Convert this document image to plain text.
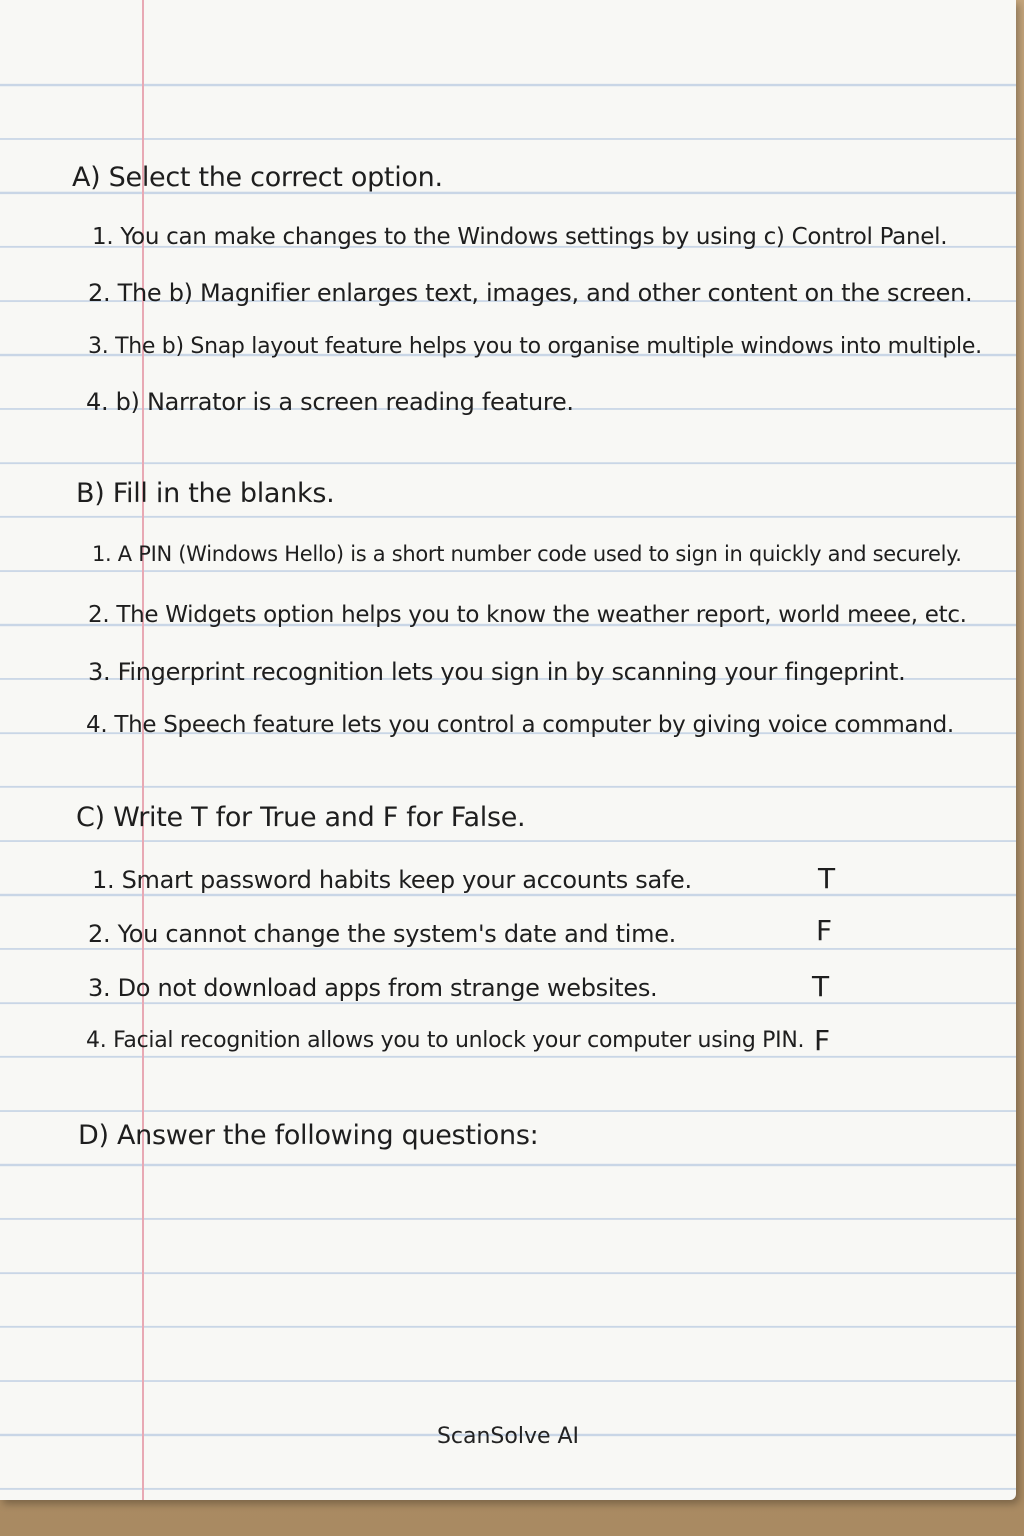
A) Select the correct option.
1. You can make changes to the Windows settings by using c) Control Panel.
2. The b) Magnifier enlarges text, images, and other content on the screen.
3. The b) Snap layout feature helps you to organise multiple windows into multiple.
4. b) Narrator is a screen reading feature.
B) Fill in the blanks.
1. A PIN (Windows Hello) is a short number code used to sign in quickly and securely.
2. The Widgets option helps you to know the weather report, world meee, etc.
3. Fingerprint recognition lets you sign in by scanning your fingeprint.
4. The Speech feature lets you control a computer by giving voice command.
C) Write T for True and F for False.
1. Smart password habits keep your accounts safe.	T
2. You cannot change the system's date and time.	F
3. Do not download apps from strange websites.	T
4. Facial recognition allows you to unlock your computer using PIN. F
D) Answer the following questions:
ScanSolve AI
